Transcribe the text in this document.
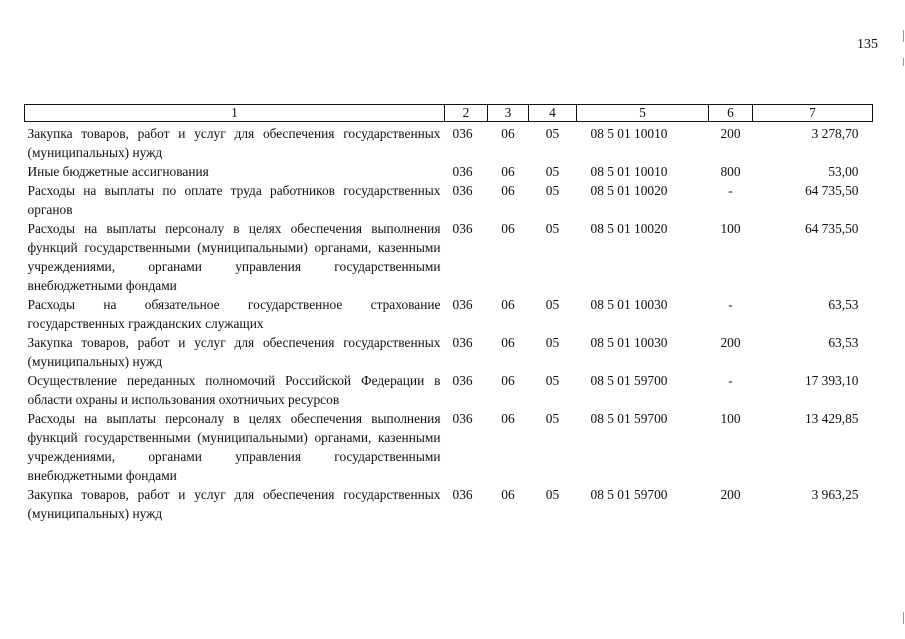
135
1	2	3	4	5	6	7

Закупка товаров, работ и услуг для обеспечения государственных (муниципальных) нужд	036	06	05	08 5 01 10010	200	3 278,70

Иные бюджетные ассигнования	036	06	05	08 5 01 10010	800	53,00

Расходы на выплаты по оплате труда работников государственных органов	036	06	05	08 5 01 10020	-	64 735,50

Расходы на выплаты персоналу в целях обеспечения выполнения функций государственными (муниципальными) органами, казенными учреждениями, органами управления государственными внебюджетными фондами	036	06	05	08 5 01 10020	100	64 735,50

Расходы на обязательное государственное страхование государственных гражданских служащих	036	06	05	08 5 01 10030	-	63,53

Закупка товаров, работ и услуг для обеспечения государственных (муниципальных) нужд	036	06	05	08 5 01 10030	200	63,53

Осуществление переданных полномочий Российской Федерации в области охраны и использования охотничьих ресурсов	036	06	05	08 5 01 59700	-	17 393,10

Расходы на выплаты персоналу в целях обеспечения выполнения функций государственными (муниципальными) органами, казенными учреждениями, органами управления государственными внебюджетными фондами	036	06	05	08 5 01 59700	100	13 429,85

Закупка товаров, работ и услуг для обеспечения государственных (муниципальных) нужд	036	06	05	08 5 01 59700	200	3 963,25
